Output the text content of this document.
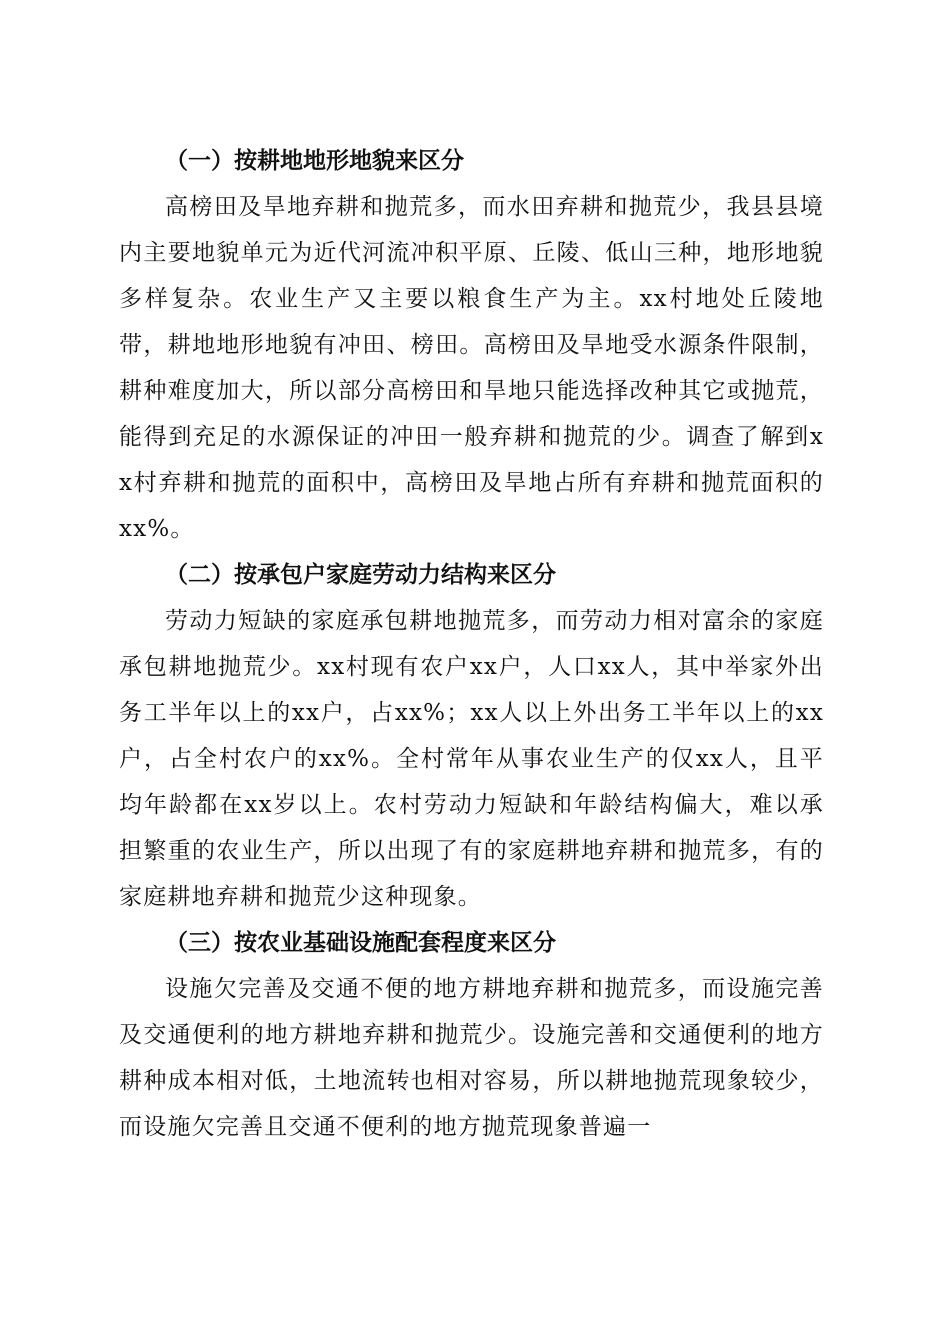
（一）按耕地地形地貌来区分

高榜田及旱地弃耕和抛荒多，而水田弃耕和抛荒少，我县县境内主要地貌单元为近代河流冲积平原、丘陵、低山三种，地形地貌多样复杂。农业生产又主要以粮食生产为主。xx村地处丘陵地带，耕地地形地貌有冲田、榜田。高榜田及旱地受水源条件限制，耕种难度加大，所以部分高榜田和旱地只能选择改种其它或抛荒，能得到充足的水源保证的冲田一般弃耕和抛荒的少。调查了解到xx村弃耕和抛荒的面积中，高榜田及旱地占所有弃耕和抛荒面积的xx%。

（二）按承包户家庭劳动力结构来区分

劳动力短缺的家庭承包耕地抛荒多，而劳动力相对富余的家庭承包耕地抛荒少。xx村现有农户xx户，人口xx人，其中举家外出务工半年以上的xx户，占xx%；xx人以上外出务工半年以上的xx户，占全村农户的xx%。全村常年从事农业生产的仅xx人，且平均年龄都在xx岁以上。农村劳动力短缺和年龄结构偏大，难以承担繁重的农业生产，所以出现了有的家庭耕地弃耕和抛荒多，有的家庭耕地弃耕和抛荒少这种现象。

（三）按农业基础设施配套程度来区分

设施欠完善及交通不便的地方耕地弃耕和抛荒多，而设施完善及交通便利的地方耕地弃耕和抛荒少。设施完善和交通便利的地方耕种成本相对低，土地流转也相对容易，所以耕地抛荒现象较少，而设施欠完善且交通不便利的地方抛荒现象普遍一
